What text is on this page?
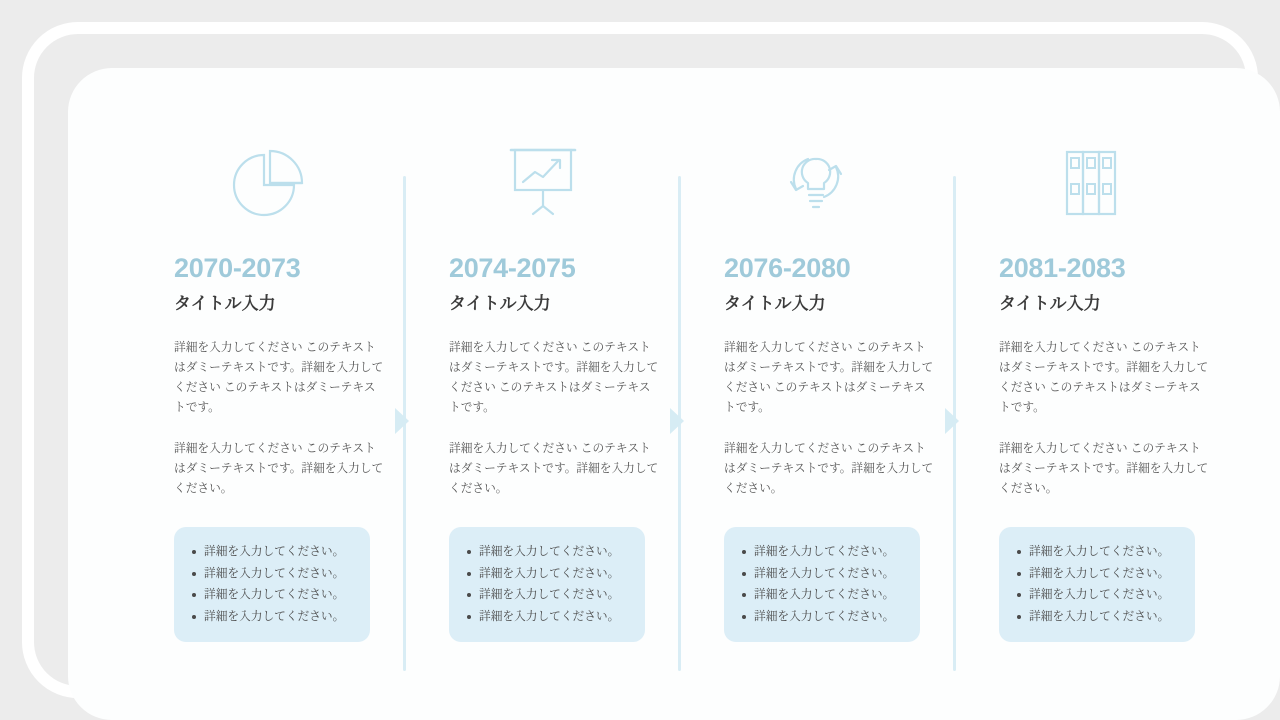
2070-2073
タイトル入力
詳細を入力してください このテキストはダミーテキストです。詳細を入力してください このテキストはダミーテキストです。
詳細を入力してください このテキストはダミーテキストです。詳細を入力してください。
詳細を入力してください。
詳細を入力してください。
詳細を入力してください。
詳細を入力してください。
2074-2075
タイトル入力
詳細を入力してください このテキストはダミーテキストです。詳細を入力してください このテキストはダミーテキストです。
詳細を入力してください このテキストはダミーテキストです。詳細を入力してください。
詳細を入力してください。
詳細を入力してください。
詳細を入力してください。
詳細を入力してください。
2076-2080
タイトル入力
詳細を入力してください このテキストはダミーテキストです。詳細を入力してください このテキストはダミーテキストです。
詳細を入力してください このテキストはダミーテキストです。詳細を入力してください。
詳細を入力してください。
詳細を入力してください。
詳細を入力してください。
詳細を入力してください。
2081-2083
タイトル入力
詳細を入力してください このテキストはダミーテキストです。詳細を入力してください このテキストはダミーテキストです。
詳細を入力してください このテキストはダミーテキストです。詳細を入力してください。
詳細を入力してください。
詳細を入力してください。
詳細を入力してください。
詳細を入力してください。
